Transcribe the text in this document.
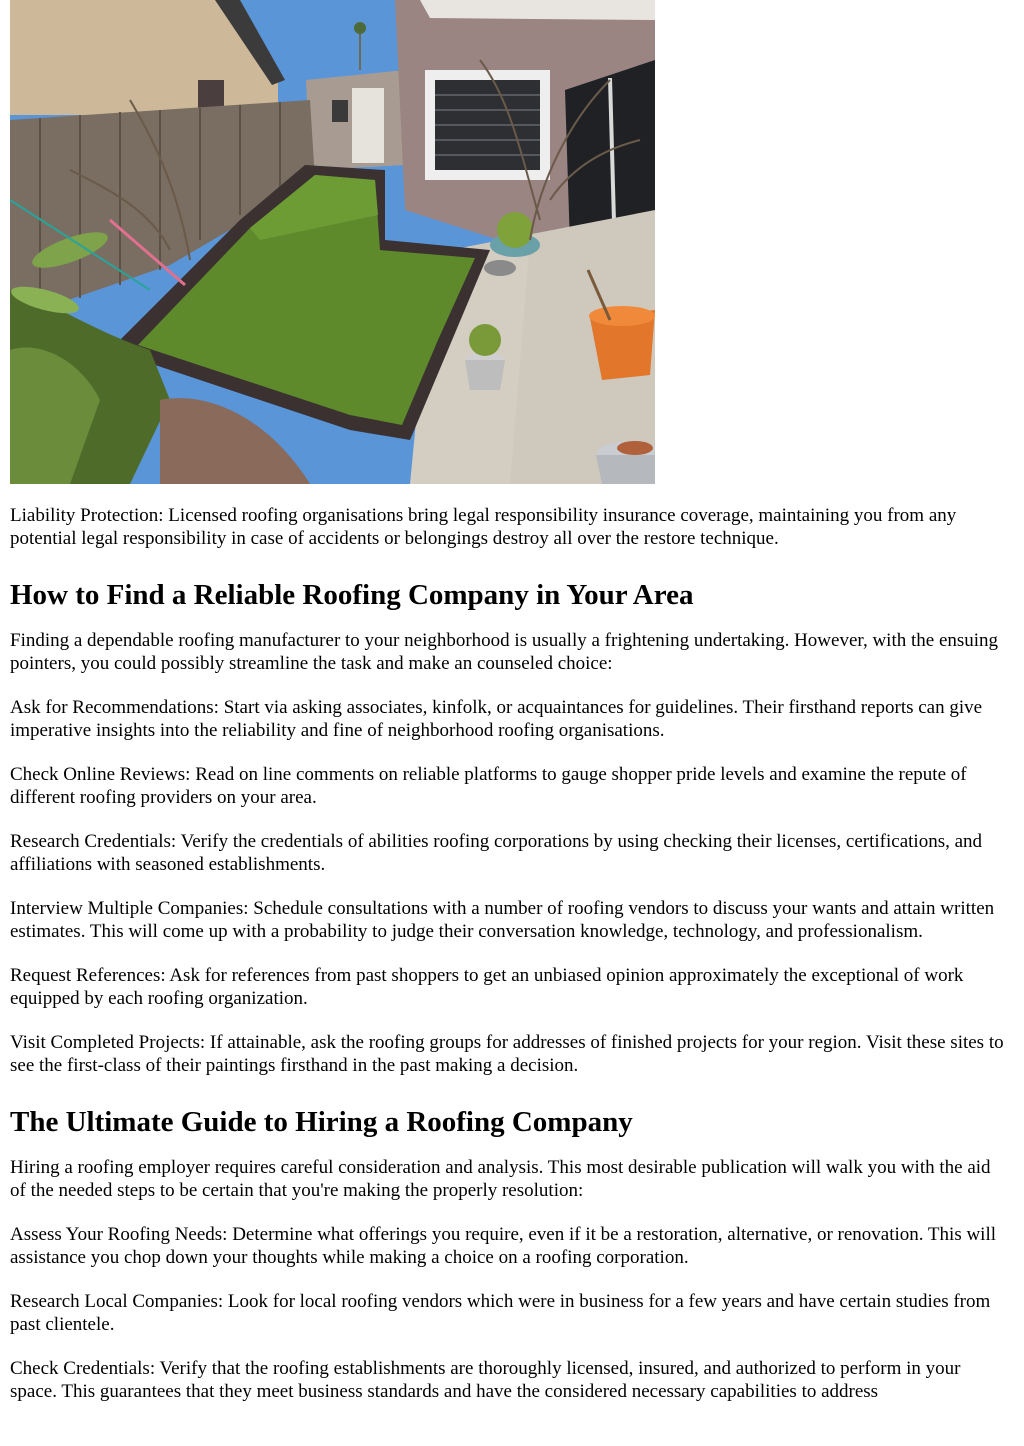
Liability Protection: Licensed roofing organisations bring legal responsibility insurance coverage, maintaining you from any potential legal responsibility in case of accidents or belongings destroy all over the restore technique.

How to Find a Reliable Roofing Company in Your Area

Finding a dependable roofing manufacturer to your neighborhood is usually a frightening undertaking. However, with the ensuing pointers, you could possibly streamline the task and make an counseled choice:

Ask for Recommendations: Start via asking associates, kinfolk, or acquaintances for guidelines. Their firsthand reports can give imperative insights into the reliability and fine of neighborhood roofing organisations.

Check Online Reviews: Read on line comments on reliable platforms to gauge shopper pride levels and examine the repute of different roofing providers on your area.

Research Credentials: Verify the credentials of abilities roofing corporations by using checking their licenses, certifications, and affiliations with seasoned establishments.

Interview Multiple Companies: Schedule consultations with a number of roofing vendors to discuss your wants and attain written estimates. This will come up with a probability to judge their conversation knowledge, technology, and professionalism.

Request References: Ask for references from past shoppers to get an unbiased opinion approximately the exceptional of work equipped by each roofing organization.

Visit Completed Projects: If attainable, ask the roofing groups for addresses of finished projects for your region. Visit these sites to see the first-class of their paintings firsthand in the past making a decision.

The Ultimate Guide to Hiring a Roofing Company

Hiring a roofing employer requires careful consideration and analysis. This most desirable publication will walk you with the aid of the needed steps to be certain that you're making the properly resolution:

Assess Your Roofing Needs: Determine what offerings you require, even if it be a restoration, alternative, or renovation. This will assistance you chop down your thoughts while making a choice on a roofing corporation.

Research Local Companies: Look for local roofing vendors which were in business for a few years and have certain studies from past clientele.

Check Credentials: Verify that the roofing establishments are thoroughly licensed, insured, and authorized to perform in your space. This guarantees that they meet business standards and have the considered necessary capabilities to address
